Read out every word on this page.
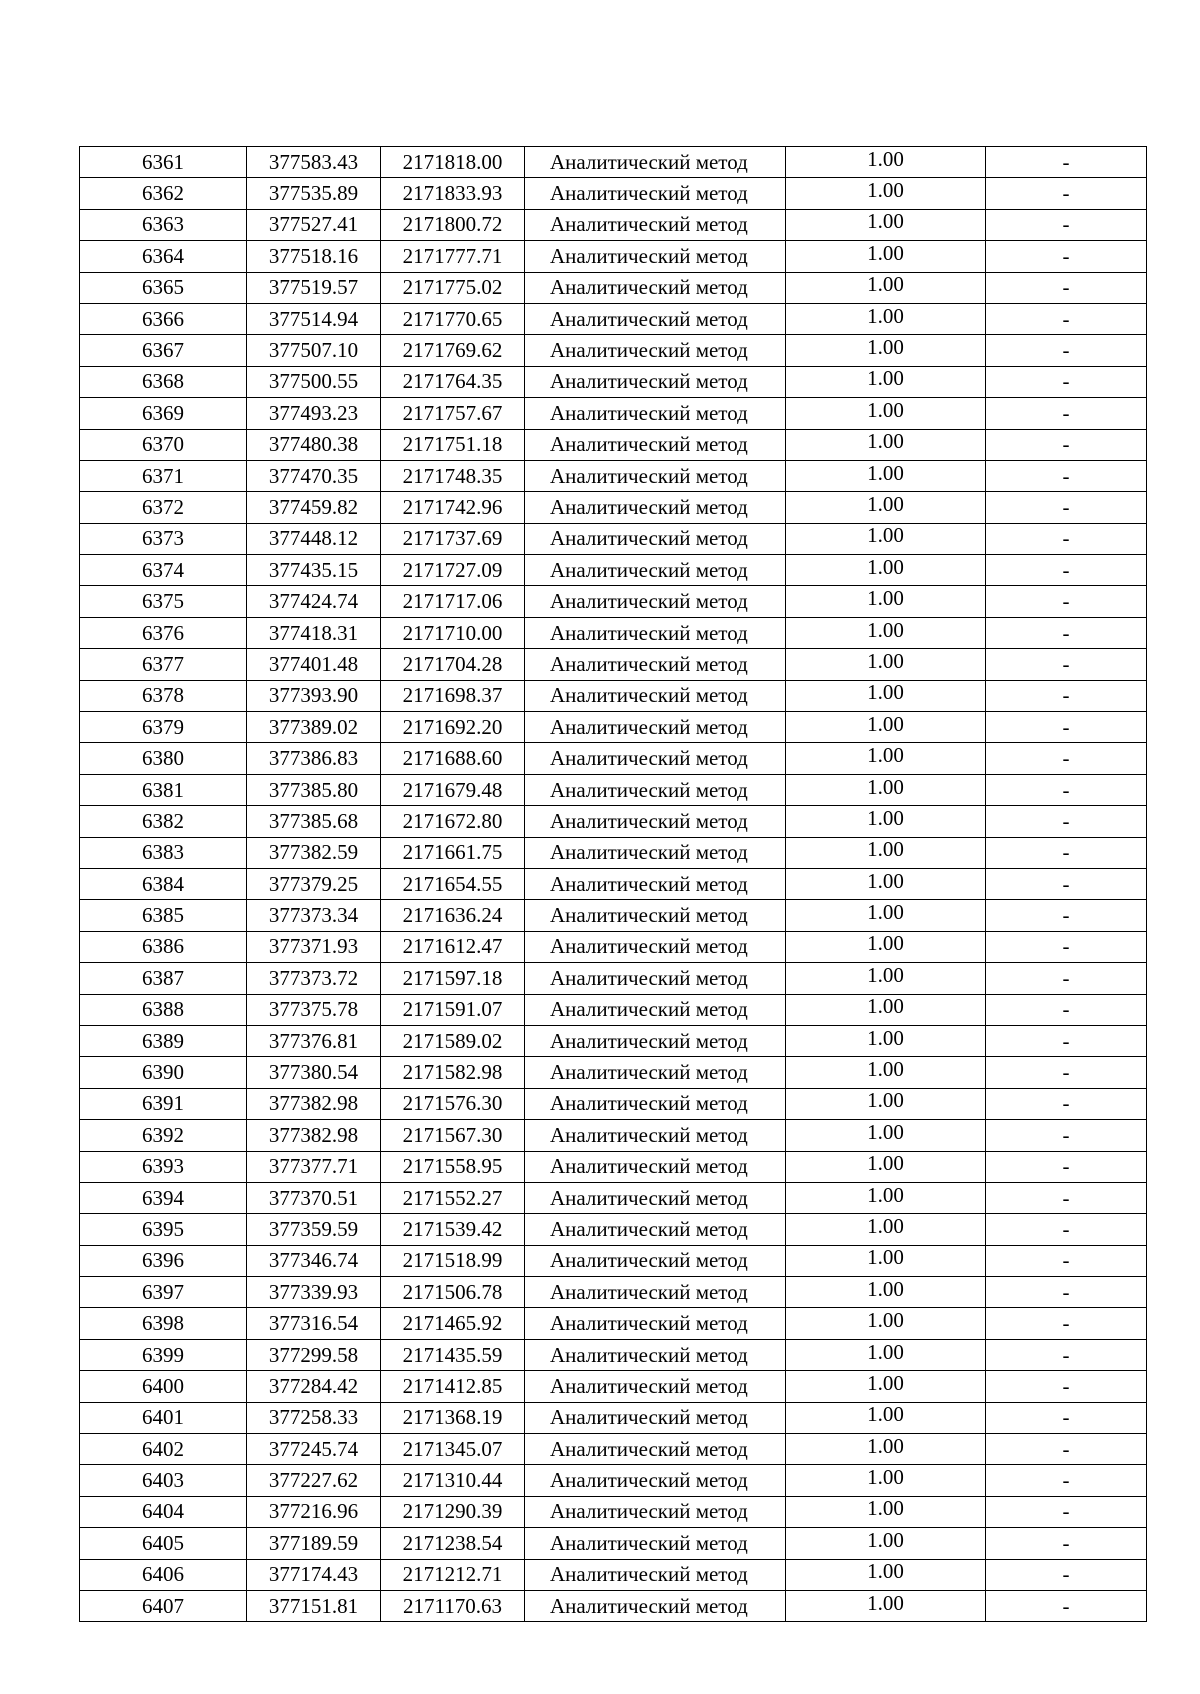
6361	377583.43	2171818.00	Аналитический метод	1.00	-
6362	377535.89	2171833.93	Аналитический метод	1.00	-
6363	377527.41	2171800.72	Аналитический метод	1.00	-
6364	377518.16	2171777.71	Аналитический метод	1.00	-
6365	377519.57	2171775.02	Аналитический метод	1.00	-
6366	377514.94	2171770.65	Аналитический метод	1.00	-
6367	377507.10	2171769.62	Аналитический метод	1.00	-
6368	377500.55	2171764.35	Аналитический метод	1.00	-
6369	377493.23	2171757.67	Аналитический метод	1.00	-
6370	377480.38	2171751.18	Аналитический метод	1.00	-
6371	377470.35	2171748.35	Аналитический метод	1.00	-
6372	377459.82	2171742.96	Аналитический метод	1.00	-
6373	377448.12	2171737.69	Аналитический метод	1.00	-
6374	377435.15	2171727.09	Аналитический метод	1.00	-
6375	377424.74	2171717.06	Аналитический метод	1.00	-
6376	377418.31	2171710.00	Аналитический метод	1.00	-
6377	377401.48	2171704.28	Аналитический метод	1.00	-
6378	377393.90	2171698.37	Аналитический метод	1.00	-
6379	377389.02	2171692.20	Аналитический метод	1.00	-
6380	377386.83	2171688.60	Аналитический метод	1.00	-
6381	377385.80	2171679.48	Аналитический метод	1.00	-
6382	377385.68	2171672.80	Аналитический метод	1.00	-
6383	377382.59	2171661.75	Аналитический метод	1.00	-
6384	377379.25	2171654.55	Аналитический метод	1.00	-
6385	377373.34	2171636.24	Аналитический метод	1.00	-
6386	377371.93	2171612.47	Аналитический метод	1.00	-
6387	377373.72	2171597.18	Аналитический метод	1.00	-
6388	377375.78	2171591.07	Аналитический метод	1.00	-
6389	377376.81	2171589.02	Аналитический метод	1.00	-
6390	377380.54	2171582.98	Аналитический метод	1.00	-
6391	377382.98	2171576.30	Аналитический метод	1.00	-
6392	377382.98	2171567.30	Аналитический метод	1.00	-
6393	377377.71	2171558.95	Аналитический метод	1.00	-
6394	377370.51	2171552.27	Аналитический метод	1.00	-
6395	377359.59	2171539.42	Аналитический метод	1.00	-
6396	377346.74	2171518.99	Аналитический метод	1.00	-
6397	377339.93	2171506.78	Аналитический метод	1.00	-
6398	377316.54	2171465.92	Аналитический метод	1.00	-
6399	377299.58	2171435.59	Аналитический метод	1.00	-
6400	377284.42	2171412.85	Аналитический метод	1.00	-
6401	377258.33	2171368.19	Аналитический метод	1.00	-
6402	377245.74	2171345.07	Аналитический метод	1.00	-
6403	377227.62	2171310.44	Аналитический метод	1.00	-
6404	377216.96	2171290.39	Аналитический метод	1.00	-
6405	377189.59	2171238.54	Аналитический метод	1.00	-
6406	377174.43	2171212.71	Аналитический метод	1.00	-
6407	377151.81	2171170.63	Аналитический метод	1.00	-
